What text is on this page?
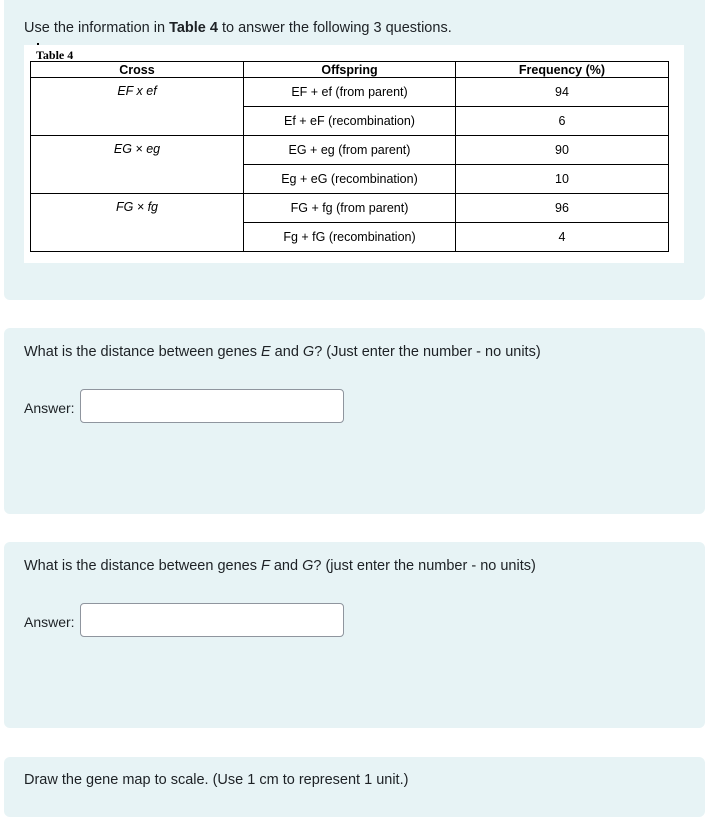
Use the information in Table 4 to answer the following 3 questions.
Table 4
Cross	Offspring	Frequency (%)
EF x ef	EF + ef (from parent)	94
	Ef + eF (recombination)	6
EG × eg	EG + eg (from parent)	90
	Eg + eG (recombination)	10
FG × fg	FG + fg (from parent)	96
	Fg + fG (recombination)	4
What is the distance between genes E and G? (Just enter the number - no units)
Answer:
What is the distance between genes F and G? (just enter the number - no units)
Answer:
Draw the gene map to scale. (Use 1 cm to represent 1 unit.)
